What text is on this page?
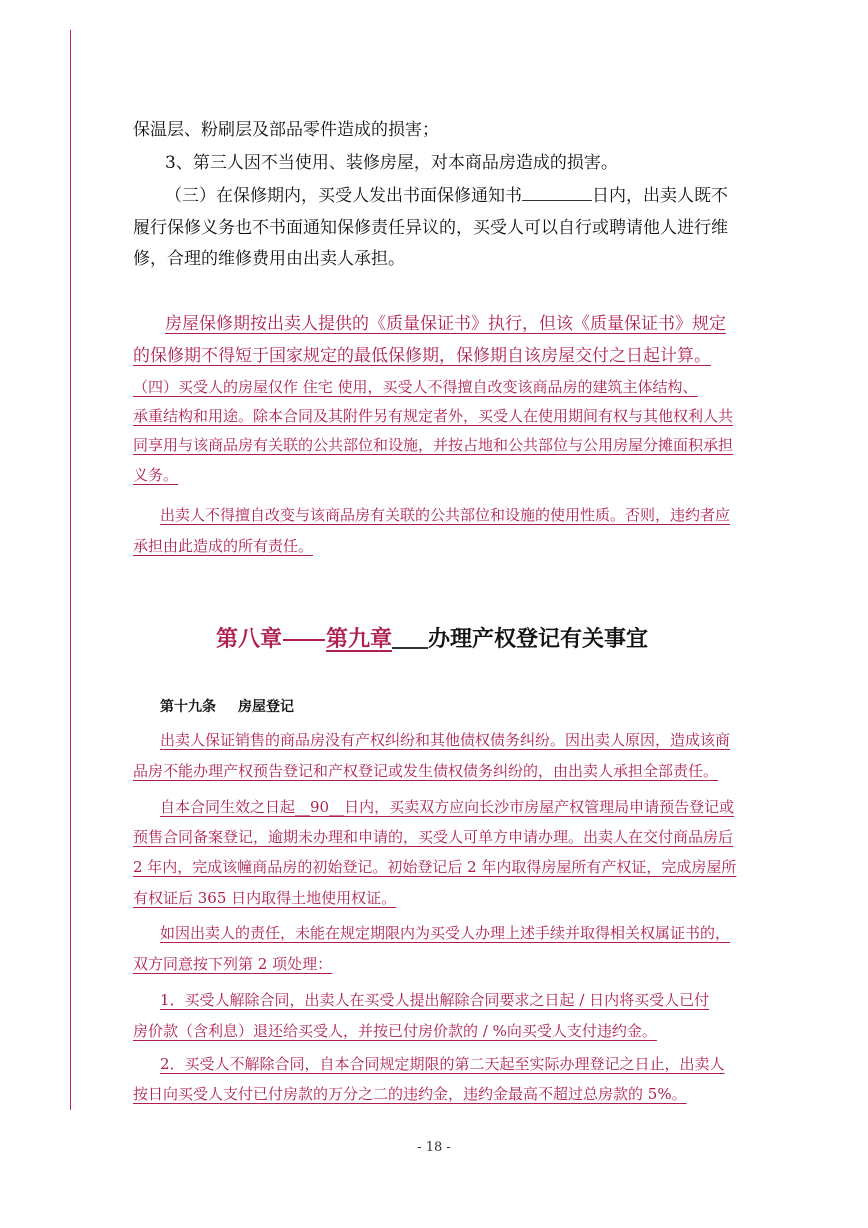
保温层、粉刷层及部品零件造成的损害；
3、第三人因不当使用、装修房屋，对本商品房造成的损害。
（三）在保修期内，买受人发出书面保修通知书	日内，出卖人既不
履行保修义务也不书面通知保修责任异议的，买受人可以自行或聘请他人进行维
修，合理的维修费用由出卖人承担。
房屋保修期按出卖人提供的《质量保证书》执行，但该《质量保证书》规定
的保修期不得短于国家规定的最低保修期，保修期自该房屋交付之日起计算。
（四）买受人的房屋仅作 住宅 使用，买受人不得擅自改变该商品房的建筑主体结构、
承重结构和用途。除本合同及其附件另有规定者外，买受人在使用期间有权与其他权利人共
同享用与该商品房有关联的公共部位和设施，并按占地和公共部位与公用房屋分摊面积承担
义务。
出卖人不得擅自改变与该商品房有关联的公共部位和设施的使用性质。否则，违约者应
承担由此造成的所有责任。
第八章 第九章 办理产权登记有关事宜
第十九条 房屋登记
出卖人保证销售的商品房没有产权纠纷和其他债权债务纠纷。因出卖人原因，造成该商
品房不能办理产权预告登记和产权登记或发生债权债务纠纷的，由出卖人承担全部责任。
自本合同生效之日起__90__日内，买卖双方应向长沙市房屋产权管理局申请预告登记或
预售合同备案登记，逾期未办理和申请的，买受人可单方申请办理。出卖人在交付商品房后
2 年内，完成该幢商品房的初始登记。初始登记后 2 年内取得房屋所有产权证，完成房屋所
有权证后 365 日内取得土地使用权证。
如因出卖人的责任，未能在规定期限内为买受人办理上述手续并取得相关权属证书的，
双方同意按下列第 2 项处理：
1．买受人解除合同，出卖人在买受人提出解除合同要求之日起 / 日内将买受人已付
房价款（含利息）退还给买受人，并按已付房价款的 / %向买受人支付违约金。
2．买受人不解除合同，自本合同规定期限的第二天起至实际办理登记之日止，出卖人
按日向买受人支付已付房款的万分之二的违约金，违约金最高不超过总房款的 5%。
- 18 -
